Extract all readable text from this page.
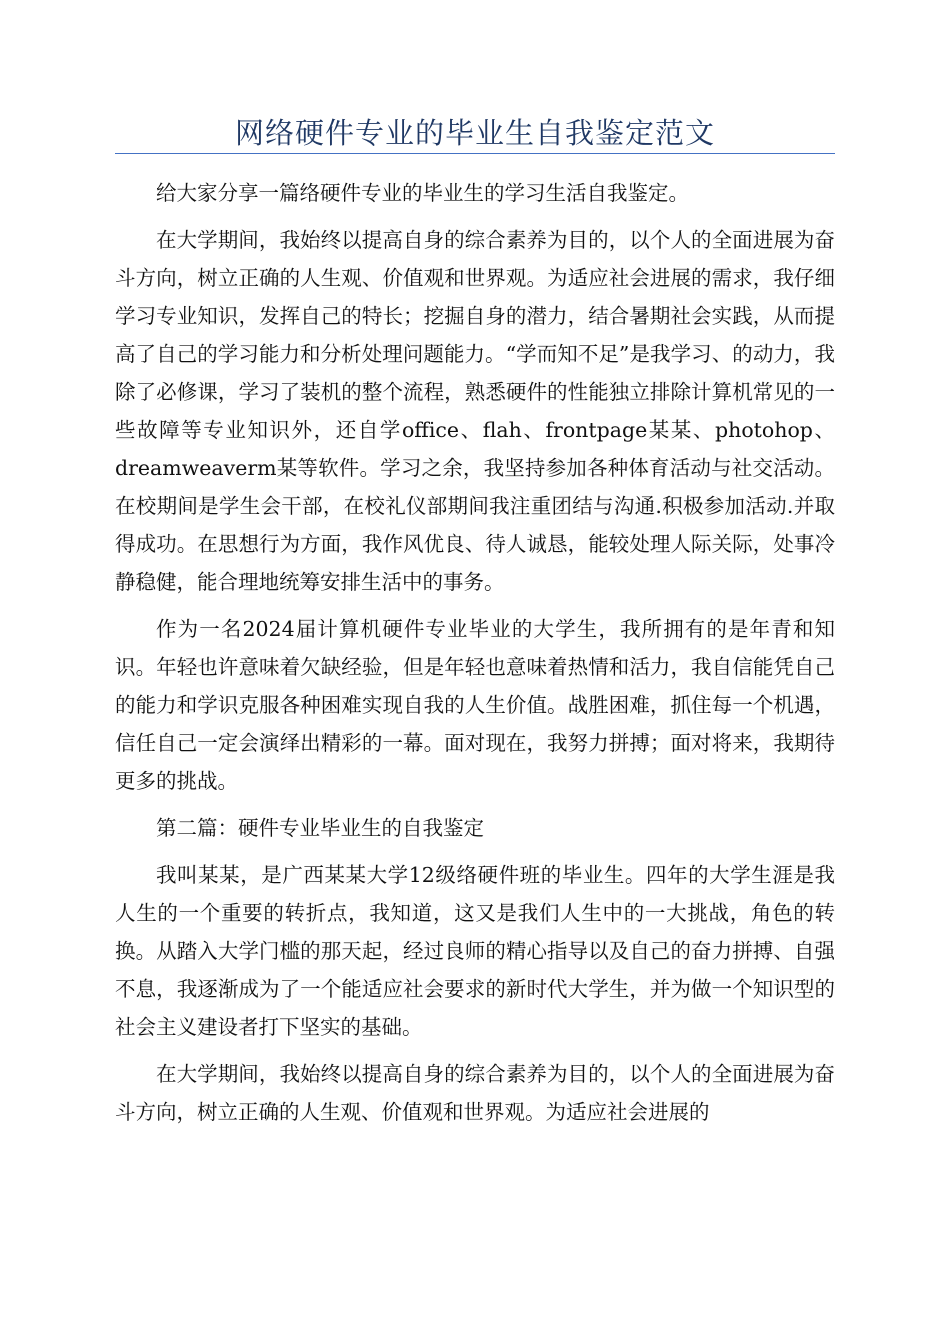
网络硬件专业的毕业生自我鉴定范文

给大家分享一篇络硬件专业的毕业生的学习生活自我鉴定。

在大学期间，我始终以提高自身的综合素养为目的，以个人的全面进展为奋斗方向，树立正确的人生观、价值观和世界观。为适应社会进展的需求，我仔细学习专业知识，发挥自己的特长；挖掘自身的潜力，结合暑期社会实践，从而提高了自己的学习能力和分析处理问题能力。“学而知不足”是我学习、的动力，我除了必修课，学习了装机的整个流程，熟悉硬件的性能独立排除计算机常见的一些故障等专业知识外，还自学office、flah、frontpage某某、photohop、dreamweaverm某等软件。学习之余，我坚持参加各种体育活动与社交活动。在校期间是学生会干部，在校礼仪部期间我注重团结与沟通.积极参加活动.并取得成功。在思想行为方面，我作风优良、待人诚恳，能较处理人际关际，处事冷静稳健，能合理地统筹安排生活中的事务。

作为一名2024届计算机硬件专业毕业的大学生，我所拥有的是年青和知识。年轻也许意味着欠缺经验，但是年轻也意味着热情和活力，我自信能凭自己的能力和学识克服各种困难实现自我的人生价值。战胜困难，抓住每一个机遇，信任自己一定会演绎出精彩的一幕。面对现在，我努力拼搏；面对将来，我期待更多的挑战。

第二篇：硬件专业毕业生的自我鉴定

我叫某某，是广西某某大学12级络硬件班的毕业生。四年的大学生涯是我人生的一个重要的转折点，我知道，这又是我们人生中的一大挑战，角色的转换。从踏入大学门槛的那天起，经过良师的精心指导以及自己的奋力拼搏、自强不息，我逐渐成为了一个能适应社会要求的新时代大学生，并为做一个知识型的社会主义建设者打下坚实的基础。

在大学期间，我始终以提高自身的综合素养为目的，以个人的全面进展为奋斗方向，树立正确的人生观、价值观和世界观。为适应社会进展的
